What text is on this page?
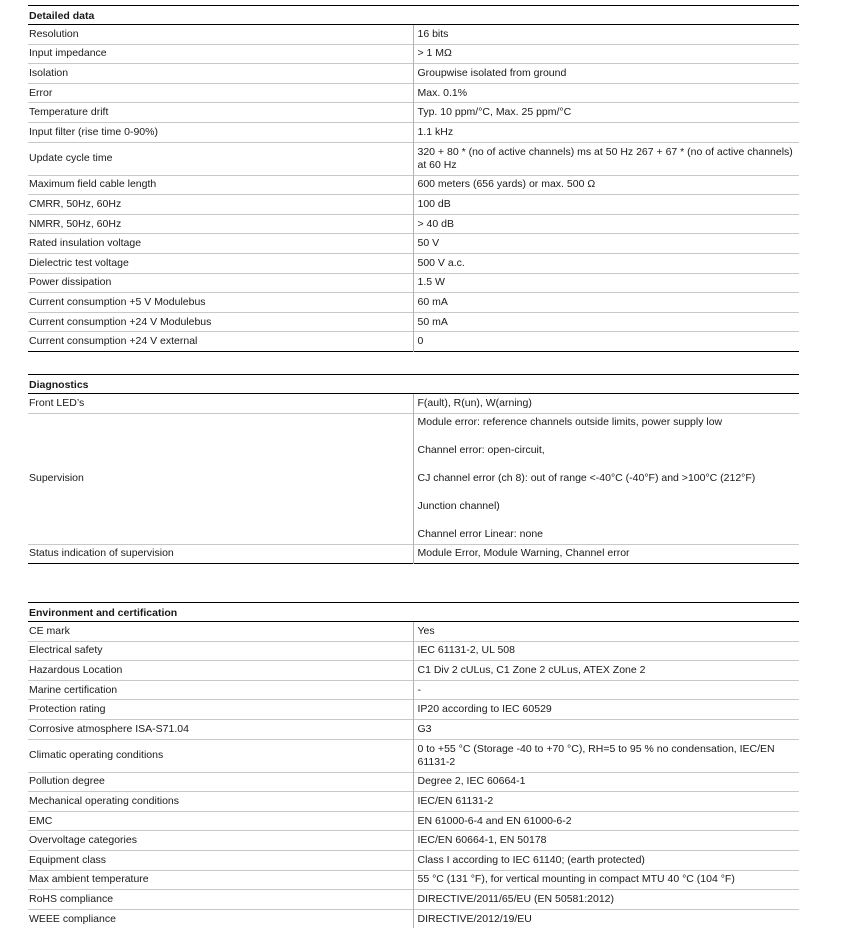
Detailed data	
Resolution	16 bits
Input impedance	> 1 MΩ
Isolation	Groupwise isolated from ground
Error	Max. 0.1%
Temperature drift	Typ. 10 ppm/°C, Max. 25 ppm/°C
Input filter (rise time 0-90%)	1.1 kHz
Update cycle time	320 + 80 * (no of active channels) ms at 50 Hz 267 + 67 * (no of active channels) at 60 Hz
Maximum field cable length	600 meters (656 yards) or max. 500 Ω
CMRR, 50Hz, 60Hz	100 dB
NMRR, 50Hz, 60Hz	> 40 dB
Rated insulation voltage	50 V
Dielectric test voltage	500 V a.c.
Power dissipation	1.5 W
Current consumption +5 V Modulebus	60 mA
Current consumption +24 V Modulebus	50 mA
Current consumption +24 V external	0
Diagnostics	
Front LED’s	F(ault), R(un), W(arning)
Supervision	Module error: reference channels outside limits, power supply low
Channel error: open-circuit,
CJ channel error (ch 8): out of range <-40°C (-40°F) and >100°C (212°F)
Junction channel)
Channel error Linear: none

Status indication of supervision	Module Error, Module Warning, Channel error
Environment and certification	
CE mark	Yes
Electrical safety	IEC 61131-2, UL 508
Hazardous Location	C1 Div 2 cULus, C1 Zone 2 cULus, ATEX Zone 2
Marine certification	-
Protection rating	IP20 according to IEC 60529
Corrosive atmosphere ISA-S71.04	G3
Climatic operating conditions	0 to +55 °C (Storage -40 to +70 °C), RH=5 to 95 % no condensation, IEC/EN 61131-2
Pollution degree	Degree 2, IEC 60664-1
Mechanical operating conditions	IEC/EN 61131-2
EMC	EN 61000-6-4 and EN 61000-6-2
Overvoltage categories	IEC/EN 60664-1, EN 50178
Equipment class	Class I according to IEC 61140; (earth protected)
Max ambient temperature	55 °C (131 °F), for vertical mounting in compact MTU 40 °C (104 °F)
RoHS compliance	DIRECTIVE/2011/65/EU (EN 50581:2012)
WEEE compliance	DIRECTIVE/2012/19/EU
